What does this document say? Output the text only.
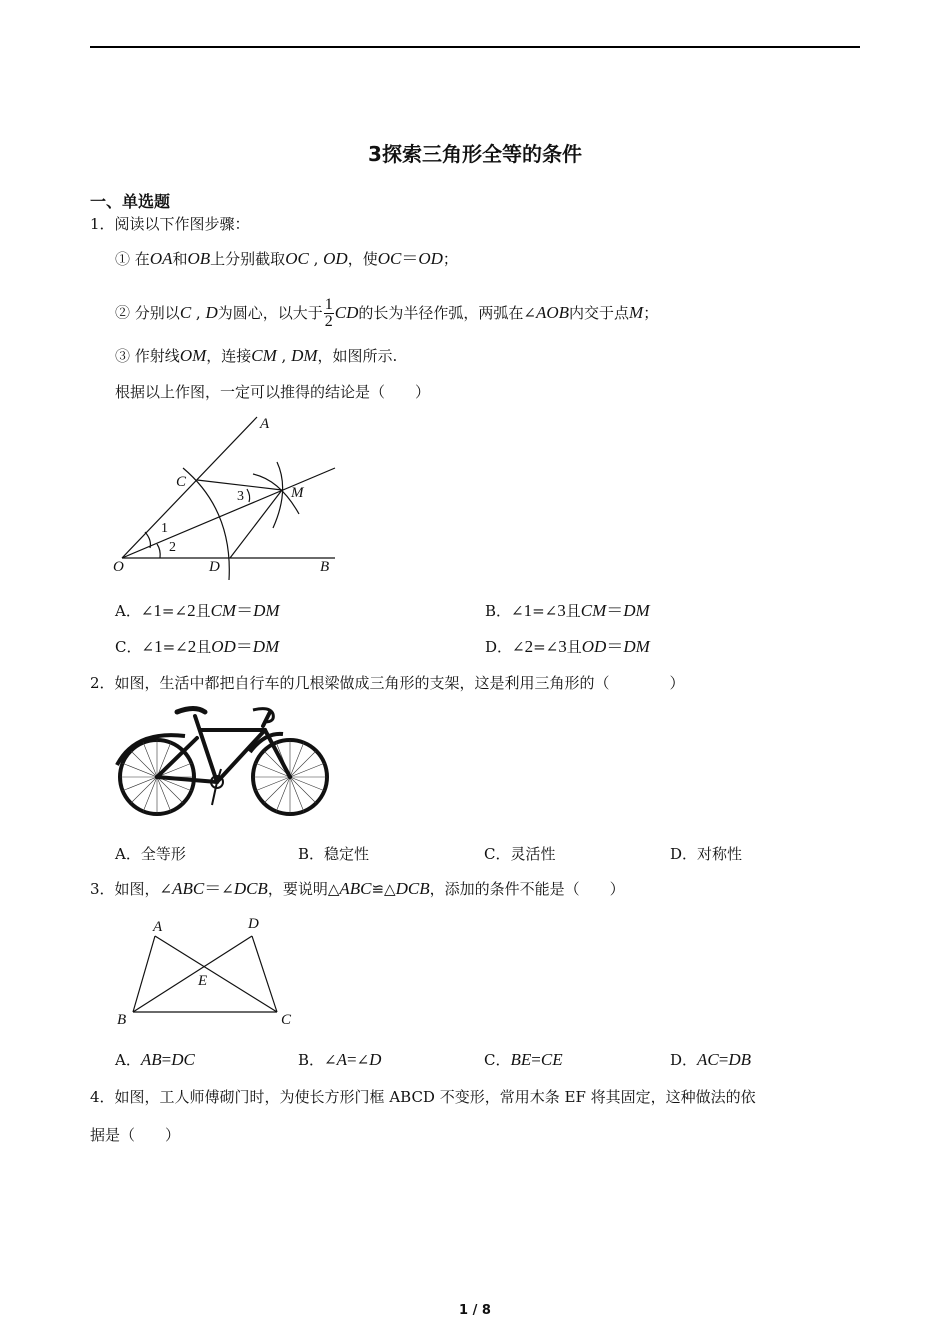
3探索三角形全等的条件
一、单选题
1．阅读以下作图步骤：
① 在OA和OB上分别截取OC , OD，使OC＝OD；
② 分别以C , D为圆心，以大于 $\frac{1}{2}$ CD的长为半径作弧，两弧在∠AOB内交于点M；
③ 作射线OM，连接CM , DM，如图所示.
根据以上作图，一定可以推得的结论是（　　）
A
C
M
O	D	B
3
1
2
A．∠1=∠2且CM＝DM	B．∠1=∠3且CM＝DM
C．∠1=∠2且OD＝DM	D．∠2=∠3且OD＝DM
2．如图，生活中都把自行车的几根梁做成三角形的支架，这是利用三角形的（　　　　）
A．全等形	B．稳定性	C．灵活性	D．对称性
3．如图，∠ABC＝∠DCB，要说明△ABC≌△DCB，添加的条件不能是（　　）
A	D
E
B	C
A．AB=DC	B．∠A=∠D	C．BE=CE	D．AC=DB
4．如图，工人师傅砌门时，为使长方形门框 ABCD 不变形，常用木条 EF 将其固定，这种做法的依
据是（　　）
1 / 8
